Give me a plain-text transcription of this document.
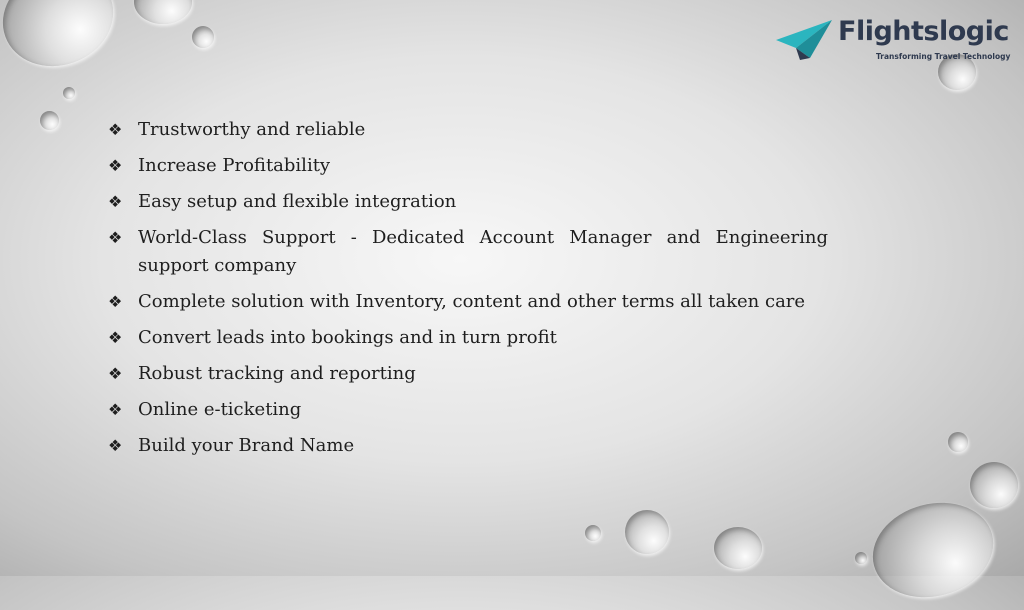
Flightslogic
Transforming Travel Technology
❖ Trustworthy and reliable
❖ Increase Profitability
❖ Easy setup and flexible integration
❖ World-Class Support - Dedicated Account Manager and Engineering support company
❖ Complete solution with Inventory, content and other terms all taken care
❖ Convert leads into bookings and in turn profit
❖ Robust tracking and reporting
❖ Online e-ticketing
❖ Build your Brand Name
